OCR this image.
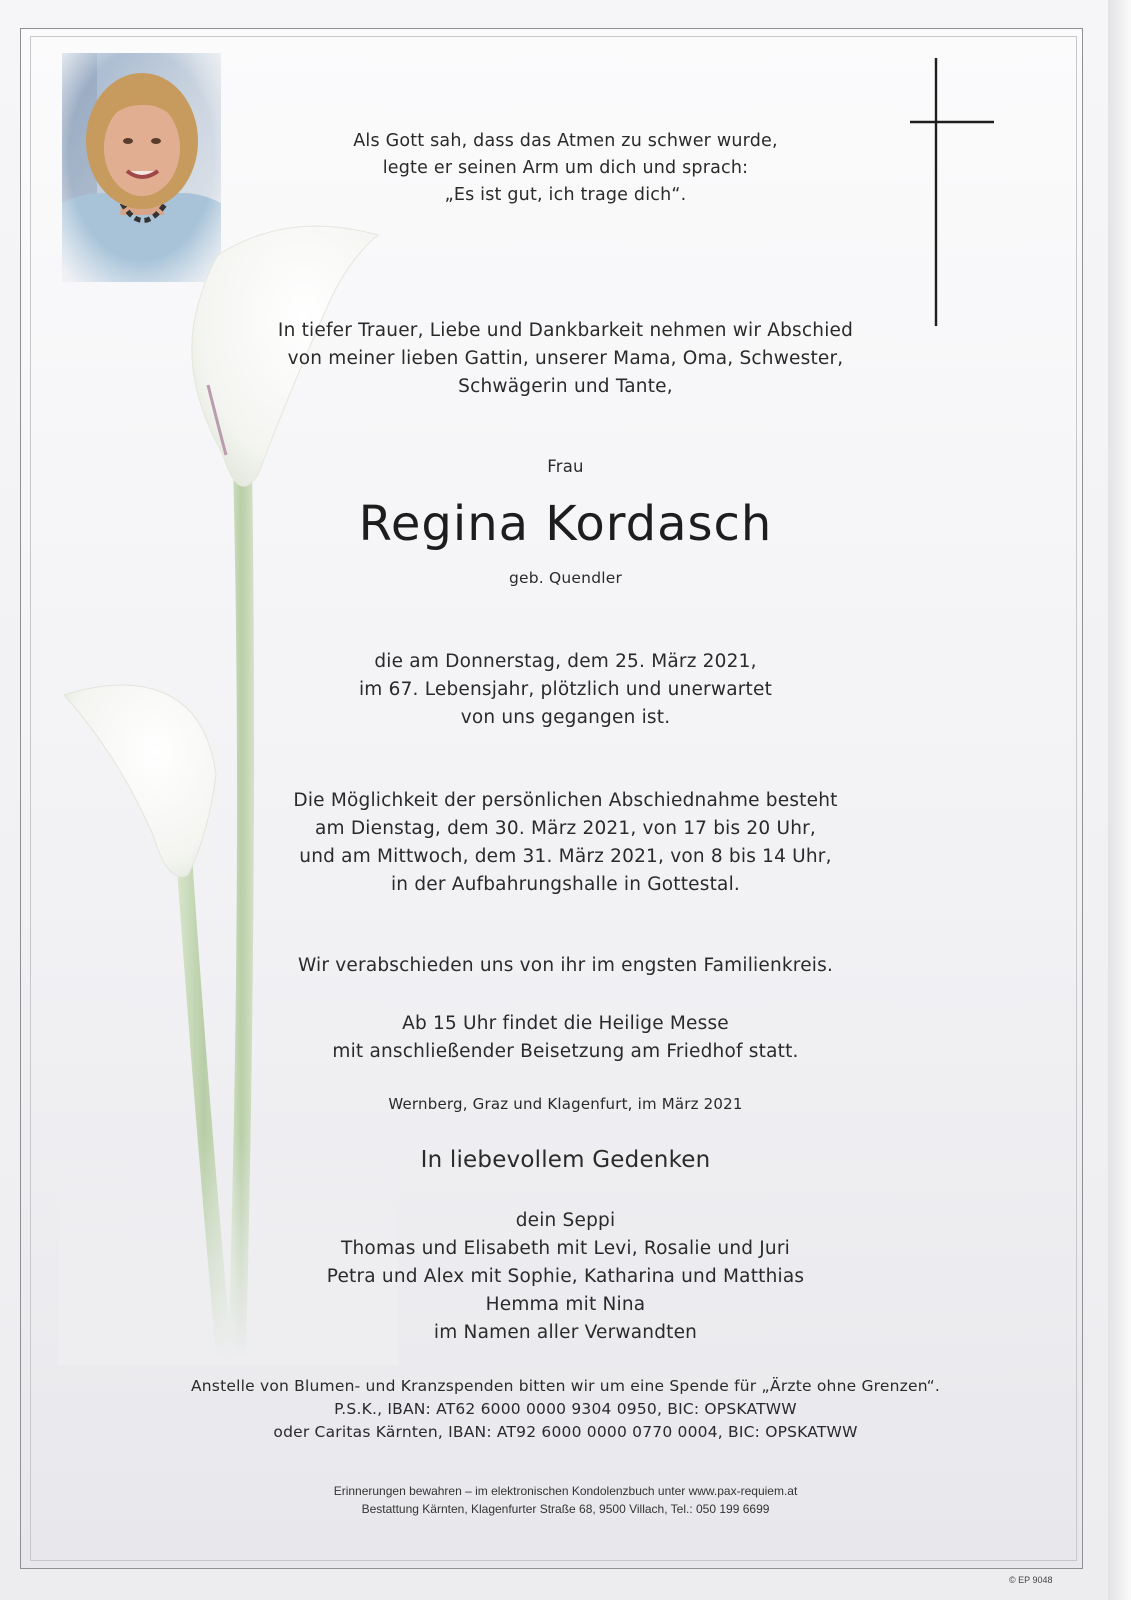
Als Gott sah, dass das Atmen zu schwer wurde,
legte er seinen Arm um dich und sprach:
„Es ist gut, ich trage dich“.
In tiefer Trauer, Liebe und Dankbarkeit nehmen wir Abschied
von meiner lieben Gattin, unserer Mama, Oma, Schwester,
Schwägerin und Tante,
Frau
Regina Kordasch
geb. Quendler
die am Donnerstag, dem 25. März 2021,
im 67. Lebensjahr, plötzlich und unerwartet
von uns gegangen ist.
Die Möglichkeit der persönlichen Abschiednahme besteht
am Dienstag, dem 30. März 2021, von 17 bis 20 Uhr,
und am Mittwoch, dem 31. März 2021, von 8 bis 14 Uhr,
in der Aufbahrungshalle in Gottestal.
Wir verabschieden uns von ihr im engsten Familienkreis.
Ab 15 Uhr findet die Heilige Messe
mit anschließender Beisetzung am Friedhof statt.
Wernberg, Graz und Klagenfurt, im März 2021
In liebevollem Gedenken
dein Seppi
Thomas und Elisabeth mit Levi, Rosalie und Juri
Petra und Alex mit Sophie, Katharina und Matthias
Hemma mit Nina
im Namen aller Verwandten
Anstelle von Blumen- und Kranzspenden bitten wir um eine Spende für „Ärzte ohne Grenzen“.
P.S.K., IBAN: AT62 6000 0000 9304 0950, BIC: OPSKATWW
oder Caritas Kärnten, IBAN: AT92 6000 0000 0770 0004, BIC: OPSKATWW
Erinnerungen bewahren – im elektronischen Kondolenzbuch unter www.pax-requiem.at
Bestattung Kärnten, Klagenfurter Straße 68, 9500 Villach, Tel.: 050 199 6699
© EP 9048
